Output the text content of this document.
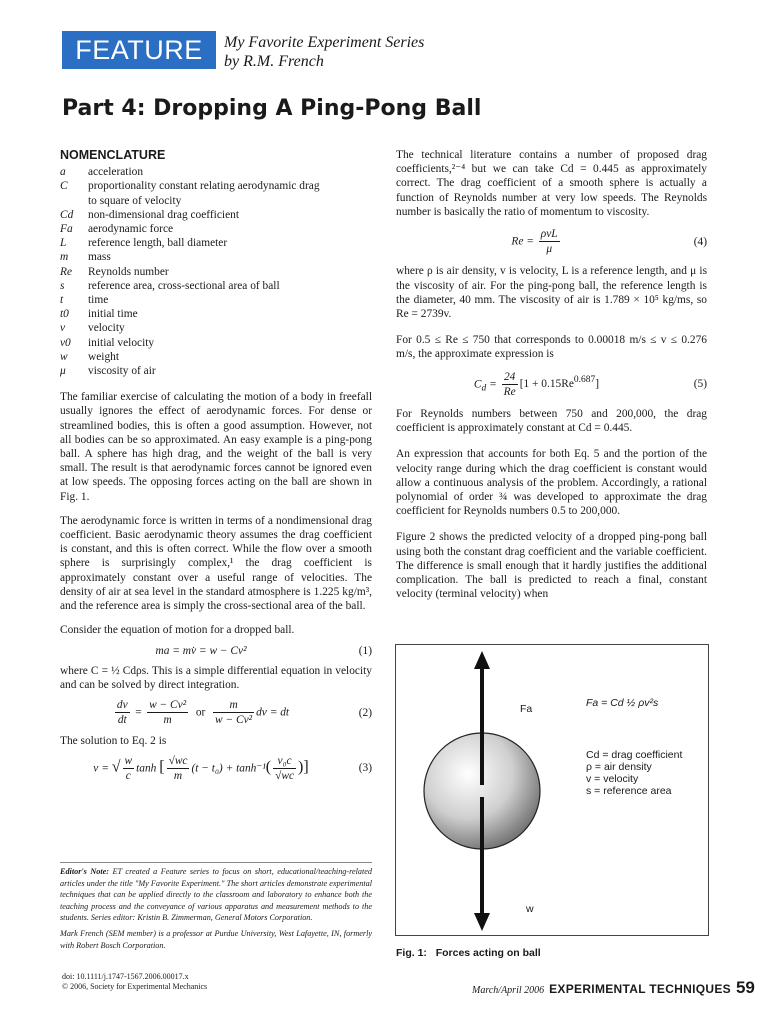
FEATURE	My Favorite Experiment Series
by R.M. French
Part 4: Dropping A Ping-Pong Ball
NOMENCLATURE
a	acceleration
C	proportionality constant relating aerodynamic drag
to square of velocity
Cd	non-dimensional drag coefficient
Fa	aerodynamic force
L	reference length, ball diameter
m	mass
Re	Reynolds number
s	reference area, cross-sectional area of ball
t	time
t0	initial time
v	velocity
v0	initial velocity
w	weight
μ	viscosity of air

The familiar exercise of calculating the motion of a body in freefall usually ignores the effect of aerodynamic forces. For dense or streamlined bodies, this is often a good assumption. However, not all bodies can be so approximated. An easy example is a ping-pong ball. A sphere has high drag, and the weight of the ball is very small. The result is that aerodynamic forces cannot be ignored even at low speeds. The opposing forces acting on the ball are shown in Fig. 1.

The aerodynamic force is written in terms of a nondimensional drag coefficient. Basic aerodynamic theory assumes the drag coefficient is constant, and this is often correct. While the flow over a smooth sphere is surprisingly complex,¹ the drag coefficient is approximately constant over a useful range of velocities. The density of air at sea level in the standard atmosphere is 1.225 kg/m³, and the reference area is simply the cross-sectional area of the ball.

Consider the equation of motion for a dropped ball.

ma = mv̇ = w − Cv²	(1)

where C = ½ Cdρs. This is a simple differential equation in velocity and can be solved by direct integration.

$\frac{dv}{dt} = \frac{\text{w − Cv²}}{m}$ or $\frac{m}{\text{w − Cv²}}$ dv = dt	(2)

The solution to Eq. 2 is

v = √ $\frac{w}{c}$ tanh [ $\frac{√wc}{m} (t - t_0) + \tanh^{-1}( \frac{\text{v₀c}}{√wc}$ )]	(3)
Editor's Note: ET created a Feature series to focus on short, educational/teaching-related articles under the title "My Favorite Experiment." The short articles demonstrate experimental techniques that can be applied directly to the classroom and laboratory to enhance both the teaching process and the conveyance of various apparatus and measurement methods to the students. Series editor: Kristin B. Zimmerman, General Motors Corporation.
Mark French (SEM member) is a professor at Purdue University, West Lafayette, IN, formerly with Robert Bosch Corporation.
doi: 10.1111/j.1747-1567.2006.00017.x
© 2006, Society for Experimental Mechanics

The technical literature contains a number of proposed drag coefficients,²⁻⁴ but we can take Cd = 0.445 as approximately correct. The drag coefficient of a smooth sphere is actually a function of Reynolds number at very low speeds. The Reynolds number is basically the ratio of momentum to viscosity.

$Re = \frac{\text{ρvL}}{\mu}$	(4)

where ρ is air density, v is velocity, L is a reference length, and μ is the viscosity of air. For the ping-pong ball, the reference length is the diameter, 40 mm. The viscosity of air is 1.789 × 10⁵ kg/ms, so Re = 2739v.

For 0.5 ≤ Re ≤ 750 that corresponds to 0.00018 m/s ≤ v ≤ 0.276 m/s, the approximate expression is

$C_d = \frac{24}{Re} [1 + 0.15Re^{0.687}]$	(5)

For Reynolds numbers between 750 and 200,000, the drag coefficient is approximately constant at Cd = 0.445.

An expression that accounts for both Eq. 5 and the portion of the velocity range during which the drag coefficient is constant would allow a continuous analysis of the problem. Accordingly, a rational polynomial of order ¾ was developed to approximate the drag coefficient for Reynolds numbers 0.5 to 200,000.

Figure 2 shows the predicted velocity of a dropped ping-pong ball using both the constant drag coefficient and the variable coefficient. The difference is small enough that it hardly justifies the additional complication. The ball is predicted to reach a final, constant velocity (terminal velocity) when

Fa	Fa = Cd ½ ρv²s
Cd = drag coefficient
ρ = air density
v = velocity
s = reference area
w
Fig. 1: Forces acting on ball
March/April 2006 EXPERIMENTAL TECHNIQUES 59
